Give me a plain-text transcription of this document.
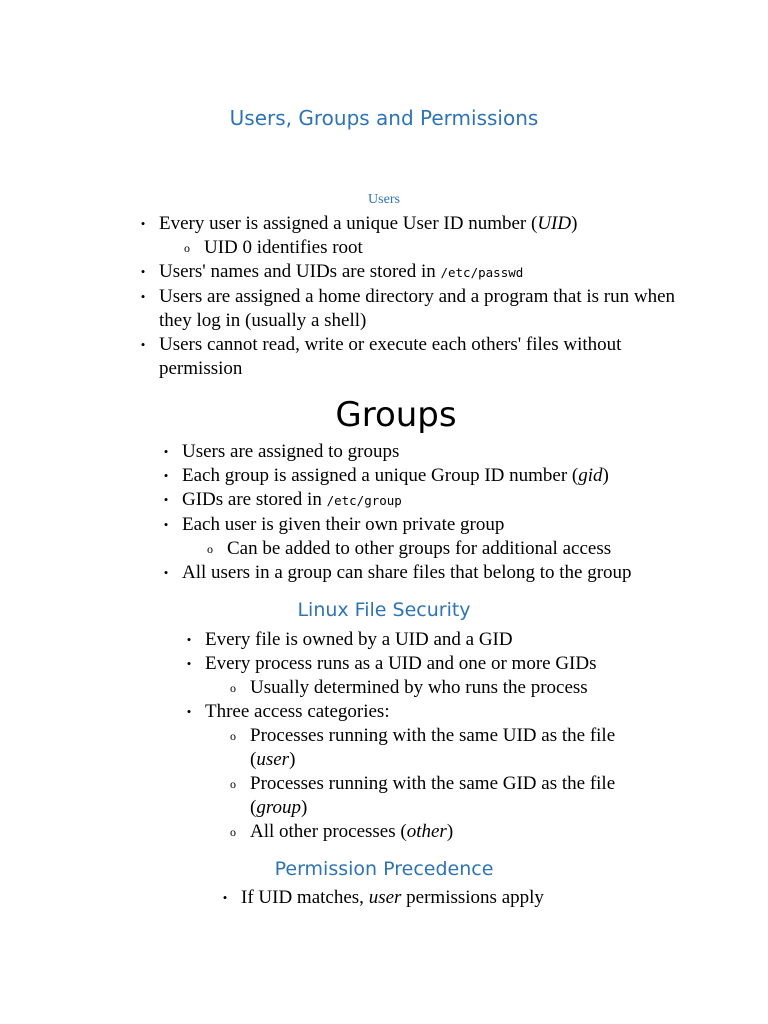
Users, Groups and Permissions
Users
• Every user is assigned a unique User ID number (UID)
o UID 0 identifies root
• Users' names and UIDs are stored in /etc/passwd
• Users are assigned a home directory and a program that is run when they log in (usually a shell)
• Users cannot read, write or execute each others' files without permission
Groups
• Users are assigned to groups
• Each group is assigned a unique Group ID number (gid)
• GIDs are stored in /etc/group
• Each user is given their own private group
o Can be added to other groups for additional access
• All users in a group can share files that belong to the group
Linux File Security
• Every file is owned by a UID and a GID
• Every process runs as a UID and one or more GIDs
o Usually determined by who runs the process
• Three access categories:
o Processes running with the same UID as the file (user)
o Processes running with the same GID as the file (group)
o All other processes (other)
Permission Precedence
• If UID matches, user permissions apply
